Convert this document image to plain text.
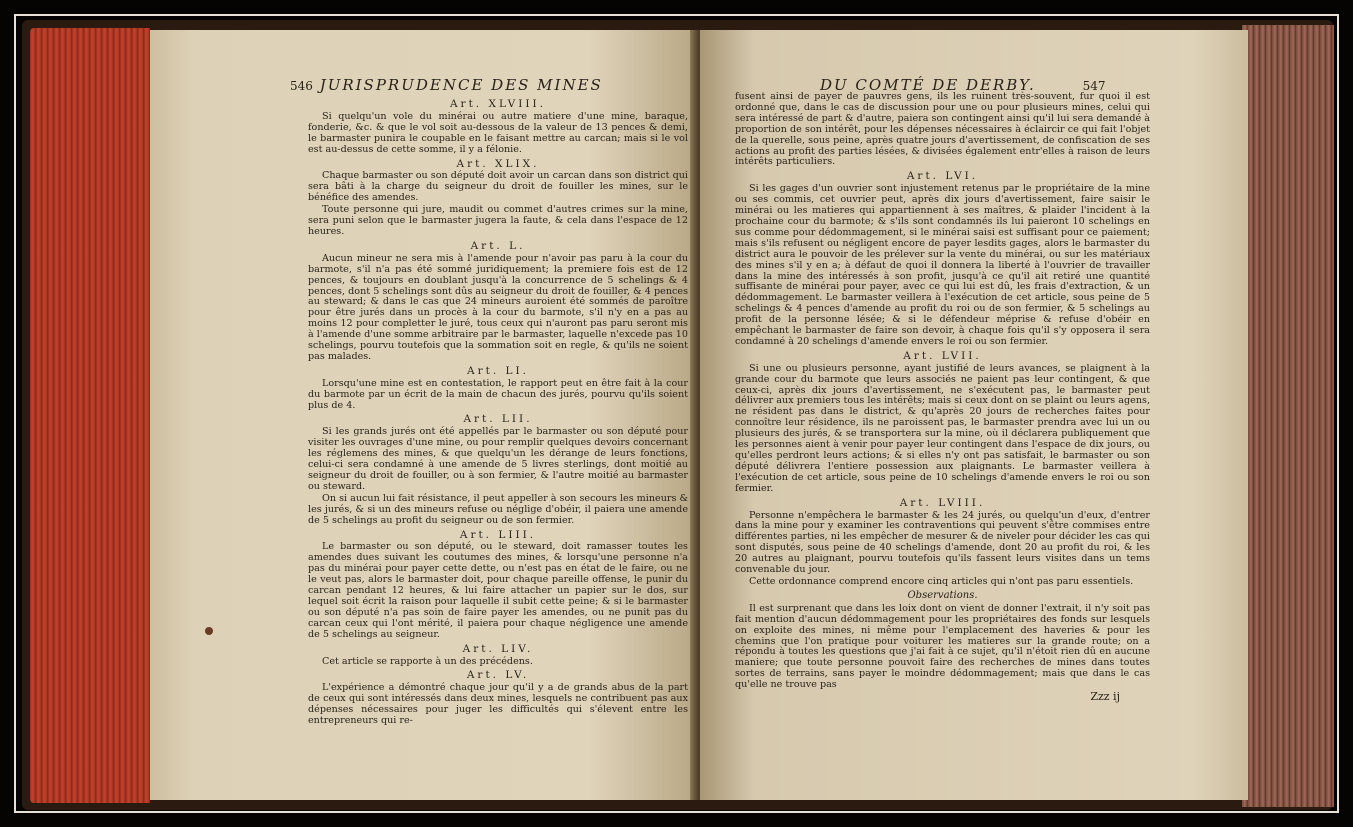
546 JURISPRUDENCE DES MINES
Art. XLVIII.

Si quelqu'un vole du minérai ou autre matiere d'une mine, baraque, fonderie, &c. & que le vol soit au-dessous de la valeur de 13 pences & demi, le barmaster punira le coupable en le faisant mettre au carcan; mais si le vol est au-dessus de cette somme, il y a félonie.

Art. XLIX.

Chaque barmaster ou son député doit avoir un carcan dans son district qui sera bâti à la charge du seigneur du droit de fouiller les mines, sur le bénéfice des amendes.

Toute personne qui jure, maudit ou commet d'autres crimes sur la mine, sera puni selon que le barmaster jugera la faute, & cela dans l'espace de 12 heures.

Art. L.

Aucun mineur ne sera mis à l'amende pour n'avoir pas paru à la cour du barmote, s'il n'a pas été sommé juridiquement; la premiere fois est de 12 pences, & toujours en doublant jusqu'à la concurrence de 5 schelings & 4 pences, dont 5 schelings sont dûs au seigneur du droit de fouiller, & 4 pences au steward; & dans le cas que 24 mineurs auroient été sommés de paroître pour être jurés dans un procès à la cour du barmote, s'il n'y en a pas au moins 12 pour completter le juré, tous ceux qui n'auront pas paru seront mis à l'amende d'une somme arbitraire par le barmaster, laquelle n'excede pas 10 schelings, pourvu toutefois que la sommation soit en regle, & qu'ils ne soient pas malades.

Art. LI.

Lorsqu'une mine est en contestation, le rapport peut en être fait à la cour du barmote par un écrit de la main de chacun des jurés, pourvu qu'ils soient plus de 4.

Art. LII.

Si les grands jurés ont été appellés par le barmaster ou son député pour visiter les ouvrages d'une mine, ou pour remplir quelques devoirs concernant les réglemens des mines, & que quelqu'un les dérange de leurs fonctions, celui-ci sera condamné à une amende de 5 livres sterlings, dont moitié au seigneur du droit de fouiller, ou à son fermier, & l'autre moitié au barmaster ou steward.

On si aucun lui fait résistance, il peut appeller à son secours les mineurs & les jurés, & si un des mineurs refuse ou néglige d'obéir, il paiera une amende de 5 schelings au profit du seigneur ou de son fermier.

Art. LIII.

Le barmaster ou son député, ou le steward, doit ramasser toutes les amendes dues suivant les coutumes des mines, & lorsqu'une personne n'a pas du minérai pour payer cette dette, ou n'est pas en état de le faire, ou ne le veut pas, alors le barmaster doit, pour chaque pareille offense, le punir du carcan pendant 12 heures, & lui faire attacher un papier sur le dos, sur lequel soit écrit la raison pour laquelle il subit cette peine; & si le barmaster ou son député n'a pas soin de faire payer les amendes, ou ne punit pas du carcan ceux qui l'ont mérité, il paiera pour chaque négligence une amende de 5 schelings au seigneur.

Art. LIV.

Cet article se rapporte à un des précédens.

Art. LV.

L'expérience a démontré chaque jour qu'il y a de grands abus de la part de ceux qui sont intéressés dans deux mines, lesquels ne contribuent pas aux dépenses nécessaires pour juger les difficultés qui s'élevent entre les entrepreneurs qui re-

DU COMTÉ DE DERBY.	547

fusent ainsi de payer de pauvres gens, ils les ruinent très-souvent, fur quoi il est ordonné que, dans le cas de discussion pour une ou pour plusieurs mines, celui qui sera intéressé de part & d'autre, paiera son contingent ainsi qu'il lui sera demandé à proportion de son intérêt, pour les dépenses nécessaires à éclaircir ce qui fait l'objet de la querelle, sous peine, après quatre jours d'avertissement, de confiscation de ses actions au profit des parties lésées, & divisées également entr'elles à raison de leurs intérêts particuliers.

Art. LVI.

Si les gages d'un ouvrier sont injustement retenus par le propriétaire de la mine ou ses commis, cet ouvrier peut, après dix jours d'avertissement, faire saisir le minérai ou les matieres qui appartiennent à ses maîtres, & plaider l'incident à la prochaine cour du barmote; & s'ils sont condamnés ils lui paieront 10 schelings en sus comme pour dédommagement, si le minérai saisi est suffisant pour ce paiement; mais s'ils refusent ou négligent encore de payer lesdits gages, alors le barmaster du district aura le pouvoir de les prélever sur la vente du minérai, ou sur les matériaux des mines s'il y en a; à défaut de quoi il donnera la liberté à l'ouvrier de travailler dans la mine des intéressés à son profit, jusqu'à ce qu'il ait retiré une quantité suffisante de minérai pour payer, avec ce qui lui est dû, les frais d'extraction, & un dédommagement. Le barmaster veillera à l'exécution de cet article, sous peine de 5 schelings & 4 pences d'amende au profit du roi ou de son fermier, & 5 schelings au profit de la personne lésée; & si le défendeur méprise & refuse d'obéir en empêchant le barmaster de faire son devoir, à chaque fois qu'il s'y opposera il sera condamné à 20 schelings d'amende envers le roi ou son fermier.

Art. LVII.

Si une ou plusieurs personne, ayant justifié de leurs avances, se plaignent à la grande cour du barmote que leurs associés ne paient pas leur contingent, & que ceux-ci, après dix jours d'avertissement, ne s'exécutent pas, le barmaster peut délivrer aux premiers tous les intérêts; mais si ceux dont on se plaint ou leurs agens, ne résident pas dans le district, & qu'après 20 jours de recherches faites pour connoître leur résidence, ils ne paroissent pas, le barmaster prendra avec lui un ou plusieurs des jurés, & se transportera sur la mine, où il déclarera publiquement que les personnes aient à venir pour payer leur contingent dans l'espace de dix jours, ou qu'elles perdront leurs actions; & si elles n'y ont pas satisfait, le barmaster ou son député délivrera l'entiere possession aux plaignants. Le barmaster veillera à l'exécution de cet article, sous peine de 10 schelings d'amende envers le roi ou son fermier.

Art. LVIII.

Personne n'empêchera le barmaster & les 24 jurés, ou quelqu'un d'eux, d'entrer dans la mine pour y examiner les contraventions qui peuvent s'être commises entre différentes parties, ni les empêcher de mesurer & de niveler pour décider les cas qui sont disputés, sous peine de 40 schelings d'amende, dont 20 au profit du roi, & les 20 autres au plaignant, pourvu toutefois qu'ils fassent leurs visites dans un tems convenable du jour.

Cette ordonnance comprend encore cinq articles qui n'ont pas paru essentiels.

Observations.

Il est surprenant que dans les loix dont on vient de donner l'extrait, il n'y soit pas fait mention d'aucun dédommagement pour les propriétaires des fonds sur lesquels on exploite des mines, ni même pour l'emplacement des haveries & pour les chemins que l'on pratique pour voiturer les matieres sur la grande route; on a répondu à toutes les questions que j'ai fait à ce sujet, qu'il n'étoit rien dû en aucune maniere; que toute personne pouvoit faire des recherches de mines dans toutes sortes de terrains, sans payer le moindre dédommagement; mais que dans le cas qu'elle ne trouve pas

Zzz ij
